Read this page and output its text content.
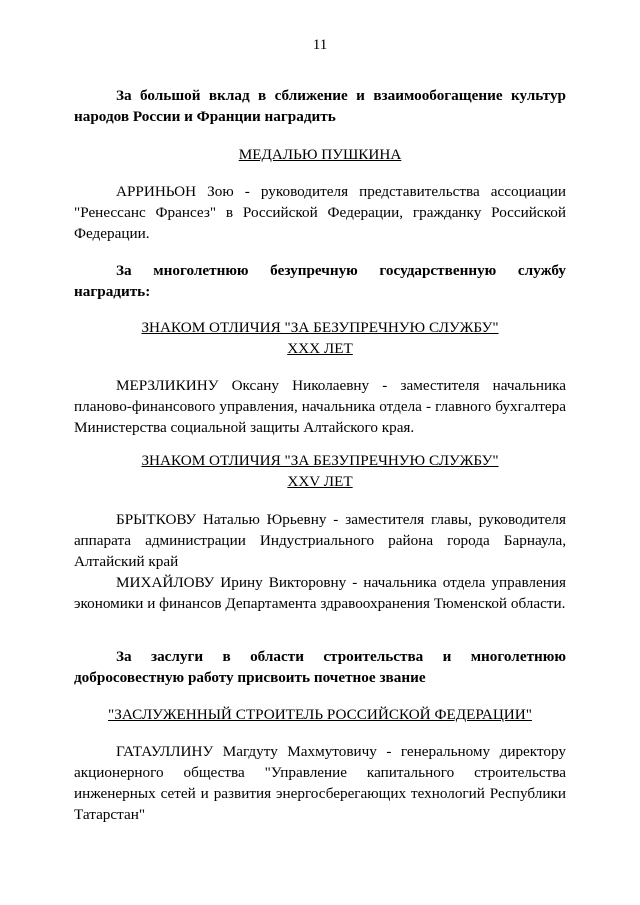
11

За большой вклад в сближение и взаимообогащение культур народов России и Франции наградить

МЕДАЛЬЮ ПУШКИНА

АРРИНЬОН Зою - руководителя представительства ассоциации "Ренессанс Франсез" в Российской Федерации, гражданку Российской Федерации.

За многолетнюю безупречную государственную службу наградить:

ЗНАКОМ ОТЛИЧИЯ "ЗА БЕЗУПРЕЧНУЮ СЛУЖБУ"

XXX ЛЕТ

МЕРЗЛИКИНУ Оксану Николаевну - заместителя начальника планово-финансового управления, начальника отдела - главного бухгалтера Министерства социальной защиты Алтайского края.

ЗНАКОМ ОТЛИЧИЯ "ЗА БЕЗУПРЕЧНУЮ СЛУЖБУ"

XXV ЛЕТ

БРЫТКОВУ Наталью Юрьевну - заместителя главы, руководителя аппарата администрации Индустриального района города Барнаула, Алтайский край

МИХАЙЛОВУ Ирину Викторовну - начальника отдела управления экономики и финансов Департамента здравоохранения Тюменской области.

За заслуги в области строительства и многолетнюю добросовестную работу присвоить почетное звание

"ЗАСЛУЖЕННЫЙ СТРОИТЕЛЬ РОССИЙСКОЙ ФЕДЕРАЦИИ"

ГАТАУЛЛИНУ Магдуту Махмутовичу - генеральному директору акционерного общества "Управление капитального строительства инженерных сетей и развития энергосберегающих технологий Республики Татарстан"
